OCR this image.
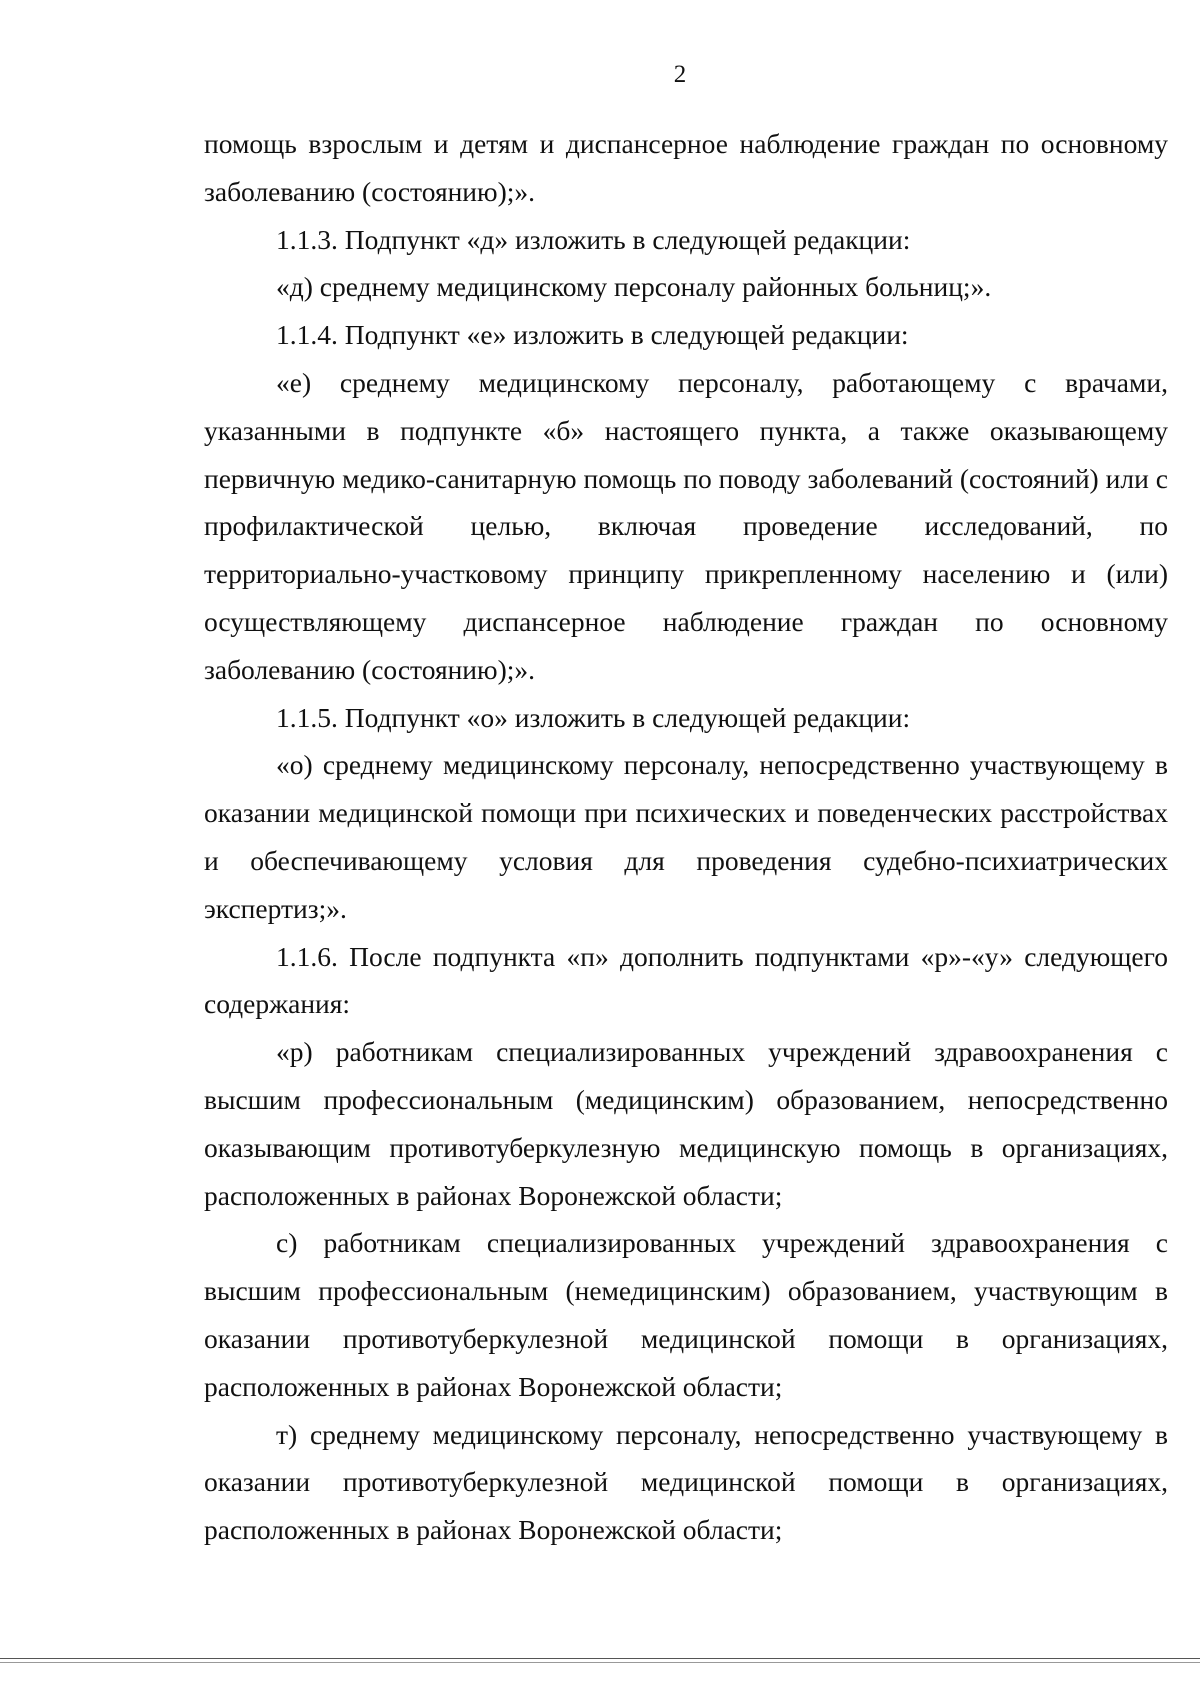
2

помощь взрослым и детям и диспансерное наблюдение граждан по основному заболеванию (состоянию);».

1.1.3. Подпункт «д» изложить в следующей редакции:

«д) среднему медицинскому персоналу районных больниц;».

1.1.4. Подпункт «е» изложить в следующей редакции:

«е) среднему медицинскому персоналу, работающему с врачами, указанными в подпункте «б» настоящего пункта, а также оказывающему первичную медико-санитарную помощь по поводу заболеваний (состояний) или с профилактической целью, включая проведение исследований, по территориально-участковому принципу прикрепленному населению и (или) осуществляющему диспансерное наблюдение граждан по основному заболеванию (состоянию);».

1.1.5. Подпункт «о» изложить в следующей редакции:

«о) среднему медицинскому персоналу, непосредственно участвующему в оказании медицинской помощи при психических и поведенческих расстройствах и обеспечивающему условия для проведения судебно-психиатрических экспертиз;».

1.1.6. После подпункта «п» дополнить подпунктами «р»-«у» следующего содержания:

«р) работникам специализированных учреждений здравоохранения с высшим профессиональным (медицинским) образованием, непосредственно оказывающим противотуберкулезную медицинскую помощь в организациях, расположенных в районах Воронежской области;

с) работникам специализированных учреждений здравоохранения с высшим профессиональным (немедицинским) образованием, участвующим в оказании противотуберкулезной медицинской помощи в организациях, расположенных в районах Воронежской области;

т) среднему медицинскому персоналу, непосредственно участвующему в оказании противотуберкулезной медицинской помощи в организациях, расположенных в районах Воронежской области;
